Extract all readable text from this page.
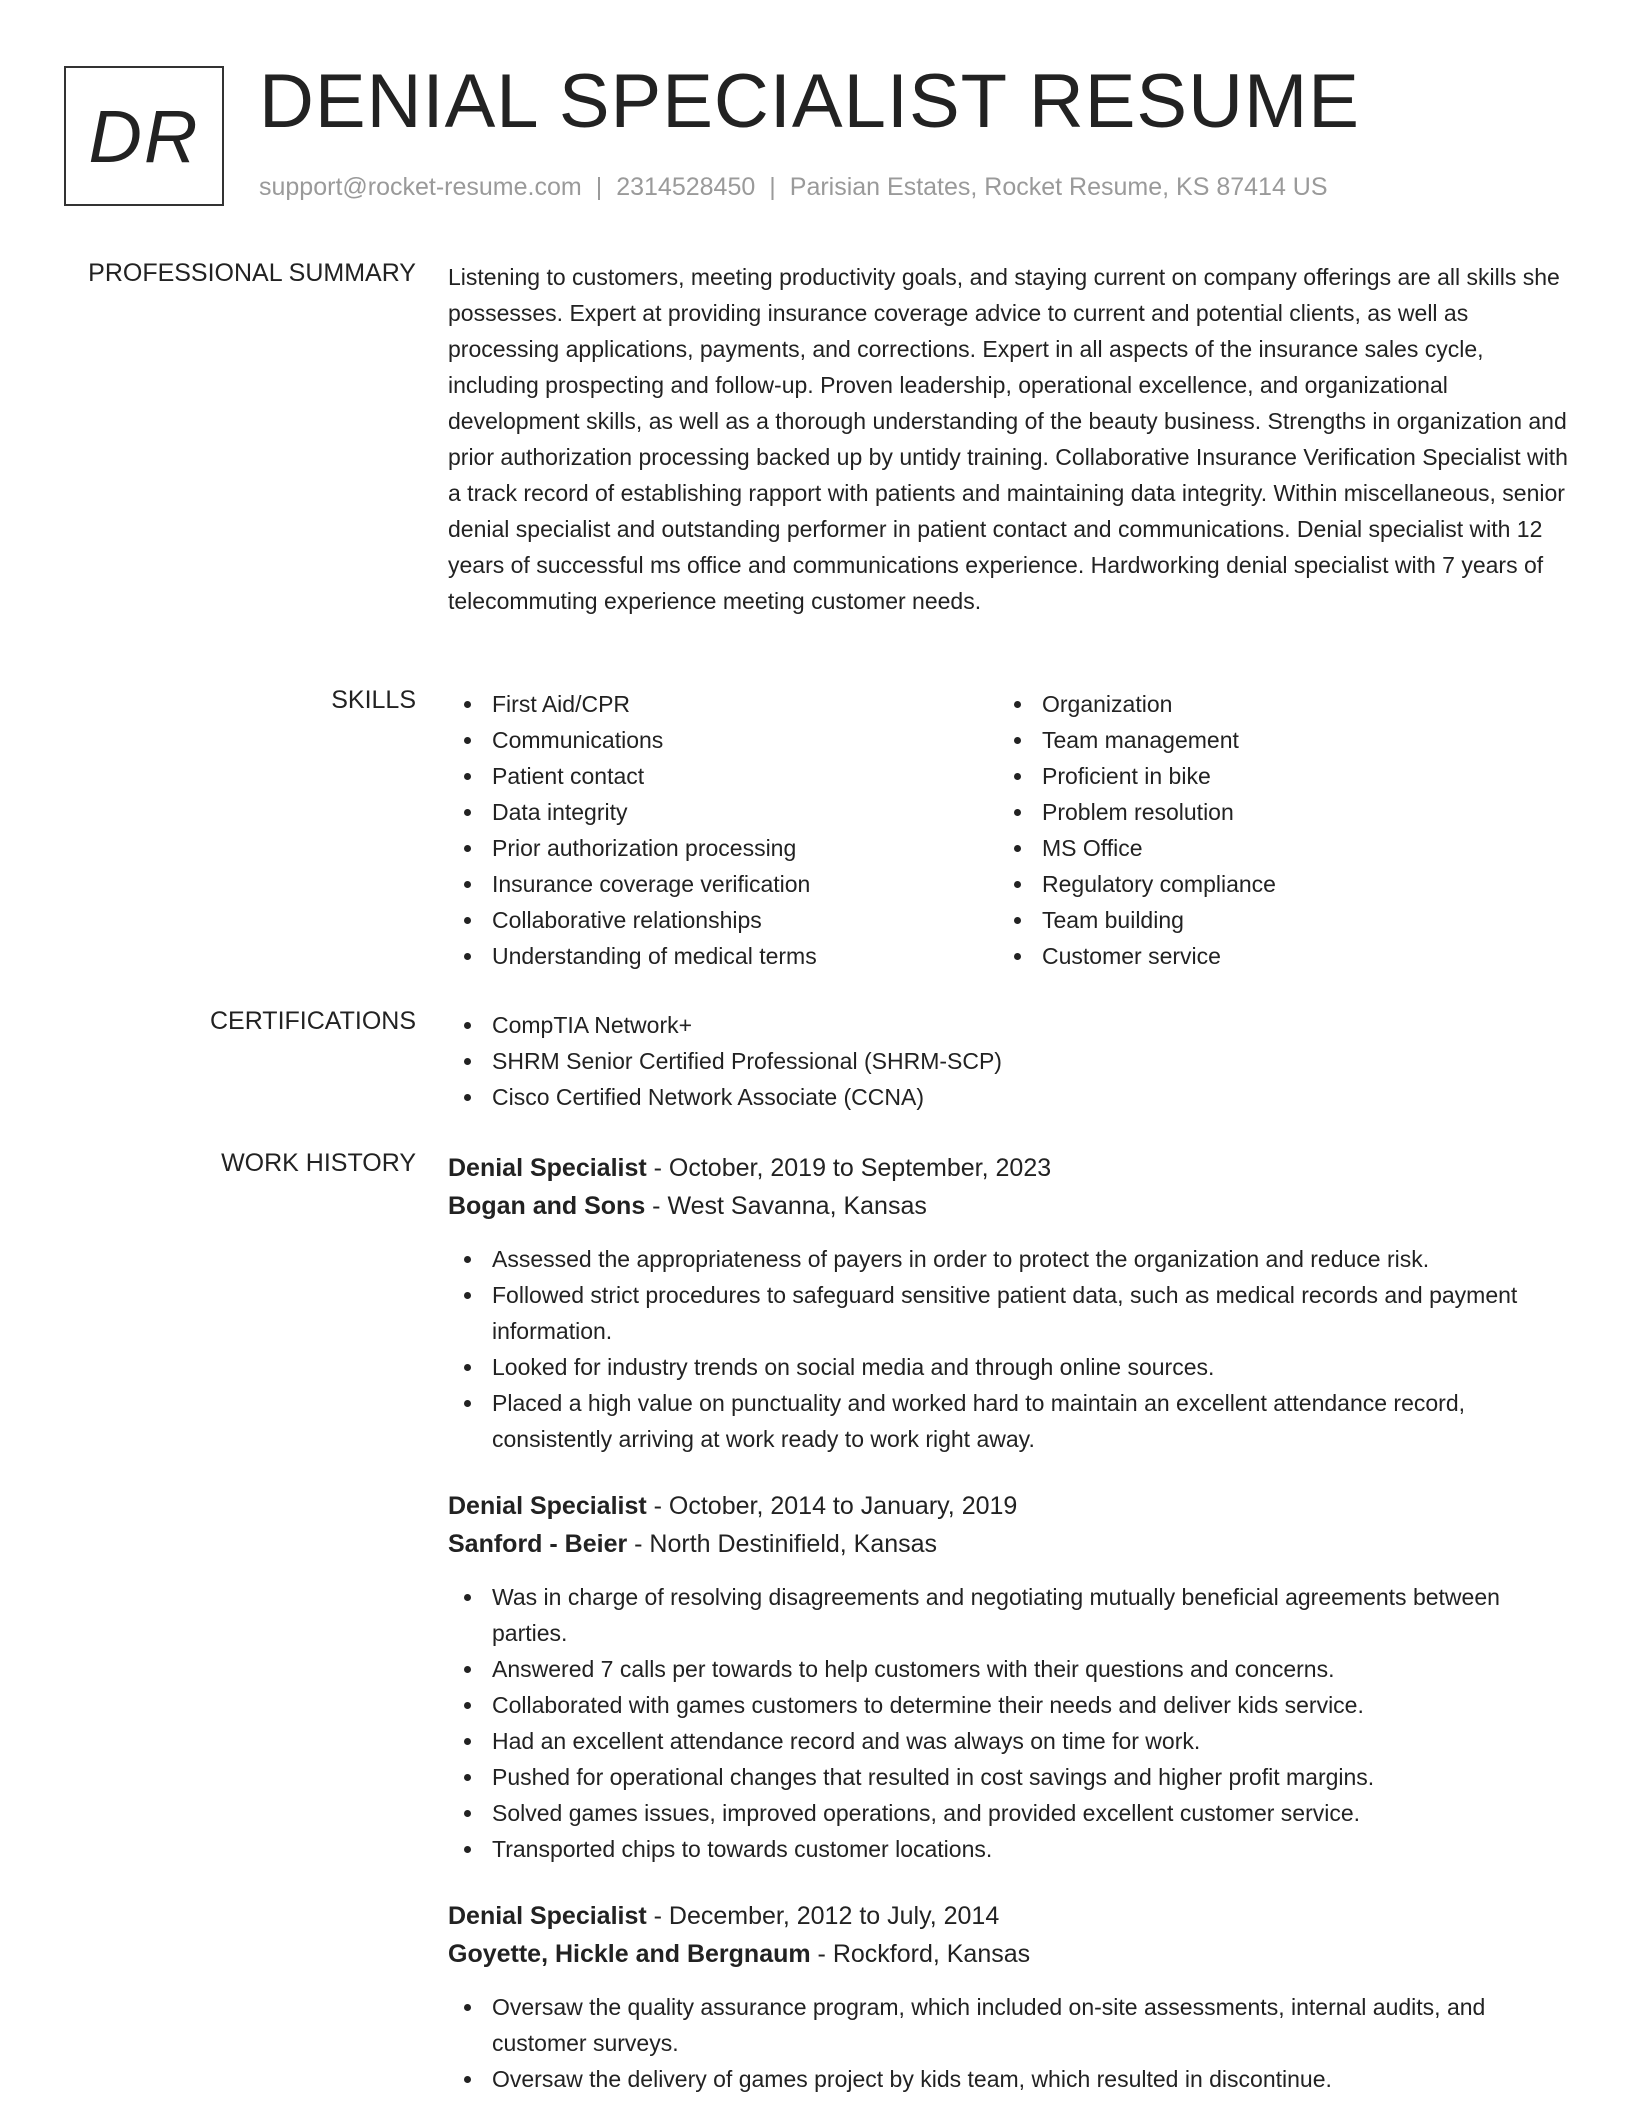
DR DENIAL SPECIALIST RESUME
support@rocket-resume.com | 2314528450 | Parisian Estates, Rocket Resume, KS 87414 US
PROFESSIONAL SUMMARY Listening to customers, meeting productivity goals, and staying current on company offerings are all skills she possesses. Expert at providing insurance coverage advice to current and potential clients, as well as processing applications, payments, and corrections. Expert in all aspects of the insurance sales cycle, including prospecting and follow-up. Proven leadership, operational excellence, and organizational development skills, as well as a thorough understanding of the beauty business. Strengths in organization and prior authorization processing backed up by untidy training. Collaborative Insurance Verification Specialist with a track record of establishing rapport with patients and maintaining data integrity. Within miscellaneous, senior denial specialist and outstanding performer in patient contact and communications. Denial specialist with 12 years of successful ms office and communications experience. Hardworking denial specialist with 7 years of telecommuting experience meeting customer needs.

SKILLS	First Aid/CPR
Communications
Patient contact
Data integrity
Prior authorization processing
Insurance coverage verification
Collaborative relationships
Understanding of medical terms
Organization
Team management
Proficient in bike
Problem resolution
MS Office
Regulatory compliance
Team building
Customer service
CERTIFICATIONS	CompTIA Network+
SHRM Senior Certified Professional (SHRM-SCP)
Cisco Certified Network Associate (CCNA)
WORK HISTORY Denial Specialist - October, 2019 to September, 2023
Bogan and Sons - West Savanna, Kansas
Assessed the appropriateness of payers in order to protect the organization and reduce risk.
Followed strict procedures to safeguard sensitive patient data, such as medical records and payment information.
Looked for industry trends on social media and through online sources.
Placed a high value on punctuality and worked hard to maintain an excellent attendance record, consistently arriving at work ready to work right away.
Denial Specialist - October, 2014 to January, 2019
Sanford - Beier - North Destinifield, Kansas
Was in charge of resolving disagreements and negotiating mutually beneficial agreements between parties.
Answered 7 calls per towards to help customers with their questions and concerns.
Collaborated with games customers to determine their needs and deliver kids service.
Had an excellent attendance record and was always on time for work.
Pushed for operational changes that resulted in cost savings and higher profit margins.
Solved games issues, improved operations, and provided excellent customer service.
Transported chips to towards customer locations.
Denial Specialist - December, 2012 to July, 2014
Goyette, Hickle and Bergnaum - Rockford, Kansas
Oversaw the quality assurance program, which included on-site assessments, internal audits, and customer surveys.
Oversaw the delivery of games project by kids team, which resulted in discontinue.
